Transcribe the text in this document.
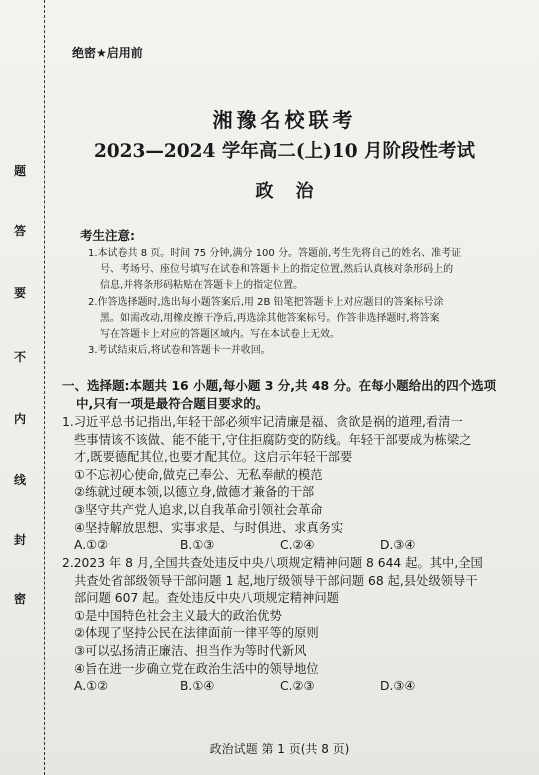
题
答
要
不
内
线
封
密
绝密★启用前
湘豫名校联考
2023—2024 学年高二(上)10 月阶段性考试
政治
考生注意:

1.本试卷共 8 页。时间 75 分钟,满分 100 分。答题前,考生先将自己的姓名、准考证

号、考场号、座位号填写在试卷和答题卡上的指定位置,然后认真核对条形码上的

信息,并将条形码粘贴在答题卡上的指定位置。

2.作答选择题时,选出每小题答案后,用 2B 铅笔把答题卡上对应题目的答案标号涂

黑。如需改动,用橡皮擦干净后,再选涂其他答案标号。作答非选择题时,将答案

写在答题卡上对应的答题区域内。写在本试卷上无效。

3.考试结束后,将试卷和答题卡一并收回。

一、选择题:本题共 16 小题,每小题 3 分,共 48 分。在每小题给出的四个选项
中,只有一项是最符合题目要求的。

1.习近平总书记指出,年轻干部必须牢记清廉是福、贪欲是祸的道理,看清一

些事情该不该做、能不能干,守住拒腐防变的防线。年轻干部要成为栋梁之

才,既要德配其位,也要才配其位。这启示年轻干部要

①不忘初心使命,做克己奉公、无私奉献的模范

②练就过硬本领,以德立身,做德才兼备的干部

③坚守共产党人追求,以自我革命引领社会革命

④坚持解放思想、实事求是、与时俱进、求真务实

A.①②	B.①③	C.②④	D.③④

2.2023 年 8 月,全国共查处违反中央八项规定精神问题 8 644 起。其中,全国

共查处省部级领导干部问题 1 起,地厅级领导干部问题 68 起,县处级领导干

部问题 607 起。查处违反中央八项规定精神问题

①是中国特色社会主义最大的政治优势

②体现了坚持公民在法律面前一律平等的原则

③可以弘扬清正廉洁、担当作为等时代新风

④旨在进一步确立党在政治生活中的领导地位

A.①②	B.①④	C.②③	D.③④
政治试题 第 1 页(共 8 页)
